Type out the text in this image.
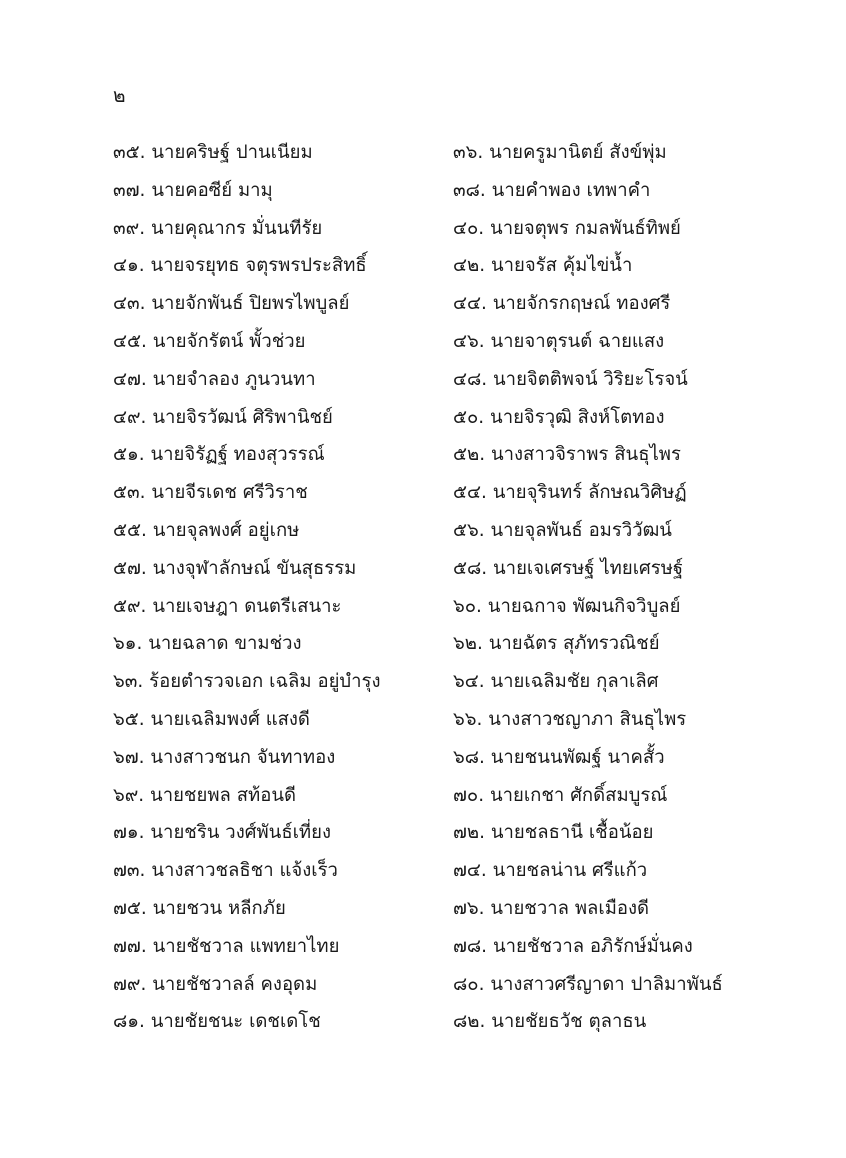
๒
๓๕. นายคริษฐ์ ปานเนียม	๓๖. นายครูมานิตย์ สังข์พุ่ม
๓๗. นายคอซีย์ มามุ	๓๘. นายคำพอง เทพาคำ
๓๙. นายคุณากร มั่นนทีรัย	๔๐. นายจตุพร กมลพันธ์ทิพย์
๔๑. นายจรยุทธ จตุรพรประสิทธิ์	๔๒. นายจรัส คุ้มไข่น้ำ
๔๓. นายจักพันธ์ ปิยพรไพบูลย์	๔๔. นายจักรกฤษณ์ ทองศรี
๔๕. นายจักรัตน์ พั้วช่วย	๔๖. นายจาตุรนต์ ฉายแสง
๔๗. นายจำลอง ภูนวนทา	๔๘. นายจิตติพจน์ วิริยะโรจน์
๔๙. นายจิรวัฒน์ ศิริพานิชย์	๕๐. นายจิรวุฒิ สิงห์โตทอง
๕๑. นายจิรัฏฐ์ ทองสุวรรณ์	๕๒. นางสาวจิราพร สินธุไพร
๕๓. นายจีรเดช ศรีวิราช	๕๔. นายจุรินทร์ ลักษณวิศิษฏ์
๕๕. นายจุลพงศ์ อยู่เกษ	๕๖. นายจุลพันธ์ อมรวิวัฒน์
๕๗. นางจุฬาลักษณ์ ขันสุธรรม	๕๘. นายเจเศรษฐ์ ไทยเศรษฐ์
๕๙. นายเจษฎา ดนตรีเสนาะ	๖๐. นายฉกาจ พัฒนกิจวิบูลย์
๖๑. นายฉลาด ขามช่วง	๖๒. นายฉัตร สุภัทรวณิชย์
๖๓. ร้อยตำรวจเอก เฉลิม อยู่บำรุง	๖๔. นายเฉลิมชัย กุลาเลิศ
๖๕. นายเฉลิมพงศ์ แสงดี	๖๖. นางสาวชญาภา สินธุไพร
๖๗. นางสาวชนก จันทาทอง	๖๘. นายชนนพัฒฐ์ นาคสั้ว
๖๙. นายชยพล สท้อนดี	๗๐. นายเกชา ศักดิ์สมบูรณ์
๗๑. นายชริน วงศ์พันธ์เที่ยง	๗๒. นายชลธานี เชื้อน้อย
๗๓. นางสาวชลธิชา แจ้งเร็ว	๗๔. นายชลน่าน ศรีแก้ว
๗๕. นายชวน หลีกภัย	๗๖. นายชวาล พลเมืองดี
๗๗. นายชัชวาล แพทยาไทย	๗๘. นายชัชวาล อภิรักษ์มั่นคง
๗๙. นายชัชวาลล์ คงอุดม	๘๐. นางสาวศรีญาดา ปาลิมาพันธ์
๘๑. นายชัยชนะ เดชเดโช	๘๒. นายชัยธวัช ตุลาธน
